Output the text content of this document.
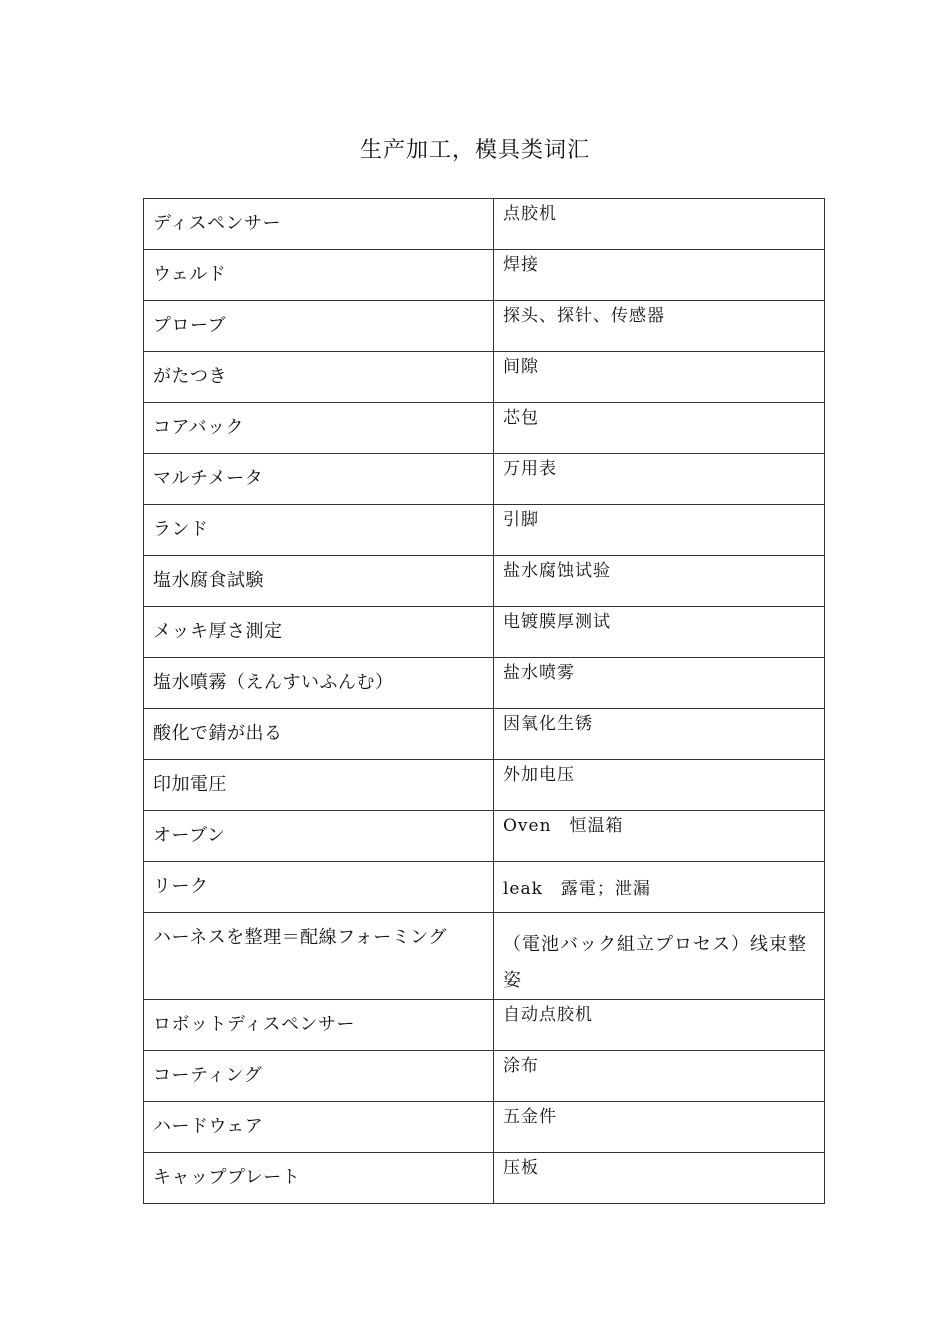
生产加工，模具类词汇
ディスペンサー	点胶机
ウェルド	焊接
プローブ	探头、探针、传感器
がたつき	间隙
コアバック	芯包
マルチメータ	万用表
ランド	引脚
塩水腐食試験	盐水腐蚀试验
メッキ厚さ測定	电镀膜厚测试
塩水噴霧（えんすいふんむ）	盐水喷雾
酸化で錆が出る	因氧化生锈
印加電圧	外加电压
オーブン	Oven　恒温箱
リーク	leak　露電；泄漏
ハーネスを整理＝配線フォーミング	（電池バック組立プロセス）线束整姿
ロボットディスペンサー	自动点胶机
コーティング	涂布
ハードウェア	五金件
キャッププレート	压板
